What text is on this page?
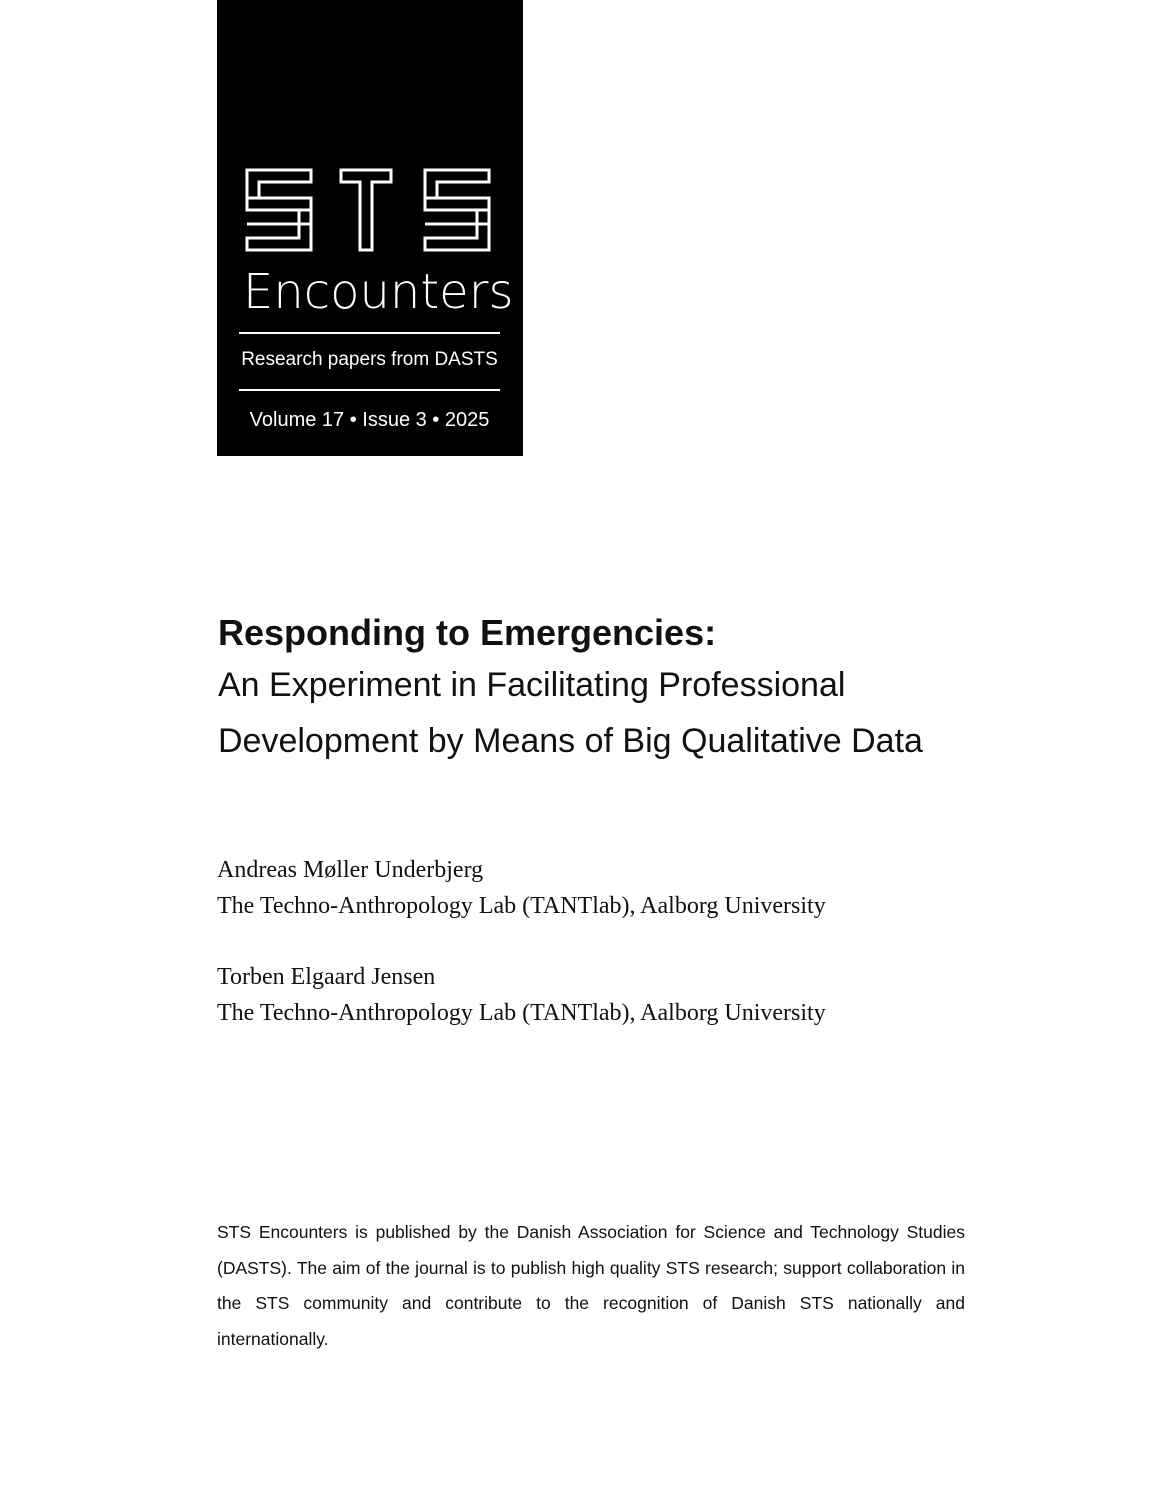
Encounters
Research papers from DASTS
Volume 17 • Issue 3 • 2025
Responding to Emergencies:
An Experiment in Facilitating Professional Development by Means of Big Qualitative Data
Andreas Møller Underbjerg
The Techno-Anthropology Lab (TANTlab), Aalborg University
Torben Elgaard Jensen
The Techno-Anthropology Lab (TANTlab), Aalborg University
STS Encounters is published by the Danish Association for Science and Technology Studies (DASTS). The aim of the journal is to publish high quality STS research; support collaboration in the STS community and contribute to the recognition of Danish STS nationally and internationally.
